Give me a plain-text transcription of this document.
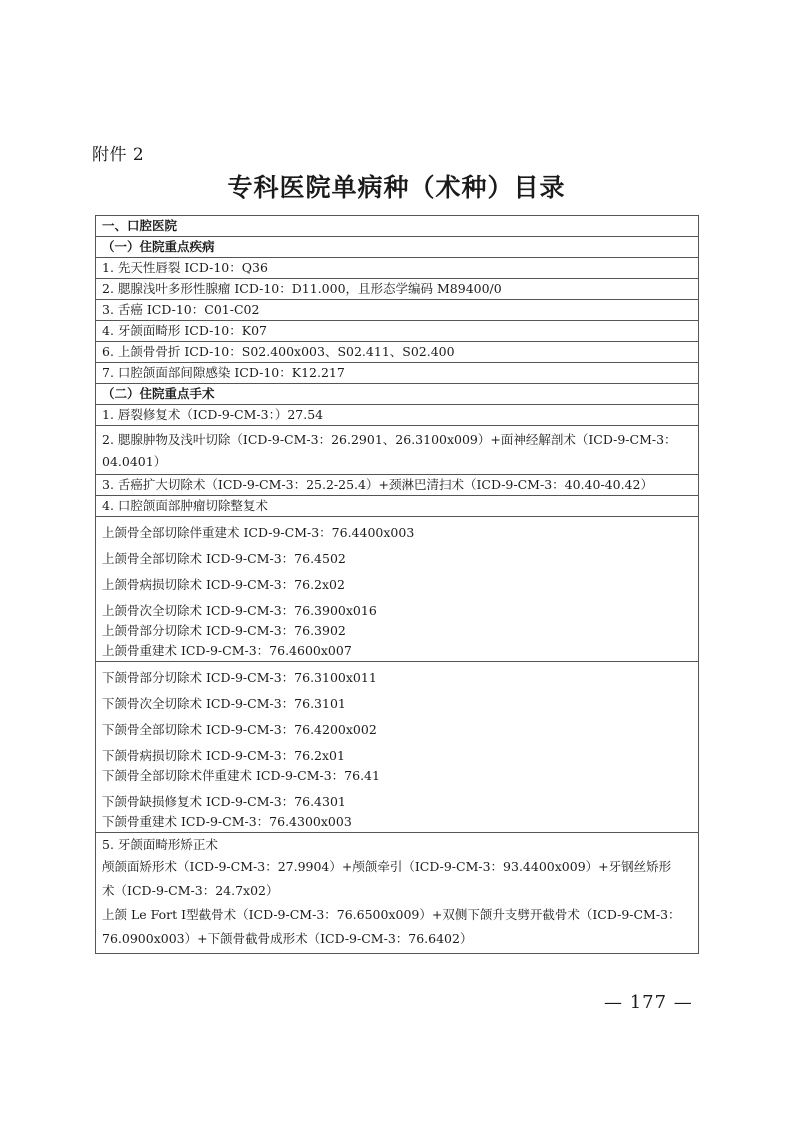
附件 2
专科医院单病种（术种）目录
一、口腔医院
（一）住院重点疾病
1. 先天性唇裂 ICD-10：Q36
2. 腮腺浅叶多形性腺瘤 ICD-10：D11.000，且形态学编码 M89400/0
3. 舌癌 ICD-10：C01-C02
4. 牙颌面畸形 ICD-10：K07
6. 上颌骨骨折 ICD-10：S02.400x003、S02.411、S02.400
7. 口腔颌面部间隙感染 ICD-10：K12.217
（二）住院重点手术
1. 唇裂修复术（ICD-9-CM-3：）27.54

2. 腮腺肿物及浅叶切除（ICD-9-CM-3：26.2901、26.3100x009）+面神经解剖术（ICD-9-CM-3：
04.0401）

3. 舌癌扩大切除术（ICD-9-CM-3：25.2-25.4）+颈淋巴清扫术（ICD-9-CM-3：40.40-40.42）
4. 口腔颌面部肿瘤切除整复术

上颌骨全部切除伴重建术 ICD-9-CM-3：76.4400x003
上颌骨全部切除术 ICD-9-CM-3：76.4502
上颌骨病损切除术 ICD-9-CM-3：76.2x02
上颌骨次全切除术 ICD-9-CM-3：76.3900x016
上颌骨部分切除术 ICD-9-CM-3：76.3902
上颌骨重建术 ICD-9-CM-3：76.4600x007

下颌骨部分切除术 ICD-9-CM-3：76.3100x011
下颌骨次全切除术 ICD-9-CM-3：76.3101
下颌骨全部切除术 ICD-9-CM-3：76.4200x002
下颌骨病损切除术 ICD-9-CM-3：76.2x01
下颌骨全部切除术伴重建术 ICD-9-CM-3：76.41
下颌骨缺损修复术 ICD-9-CM-3：76.4301
下颌骨重建术 ICD-9-CM-3：76.4300x003

5. 牙颌面畸形矫正术
颅颌面矫形术（ICD-9-CM-3：27.9904）+颅颌牵引（ICD-9-CM-3：93.4400x009）+牙钢丝矫形
术（ICD-9-CM-3：24.7x02）
上颌 Le Fort Ⅰ型截骨术（ICD-9-CM-3：76.6500x009）+双侧下颌升支劈开截骨术（ICD-9-CM-3：
76.0900x003）+下颌骨截骨成形术（ICD-9-CM-3：76.6402）
— 177 —
